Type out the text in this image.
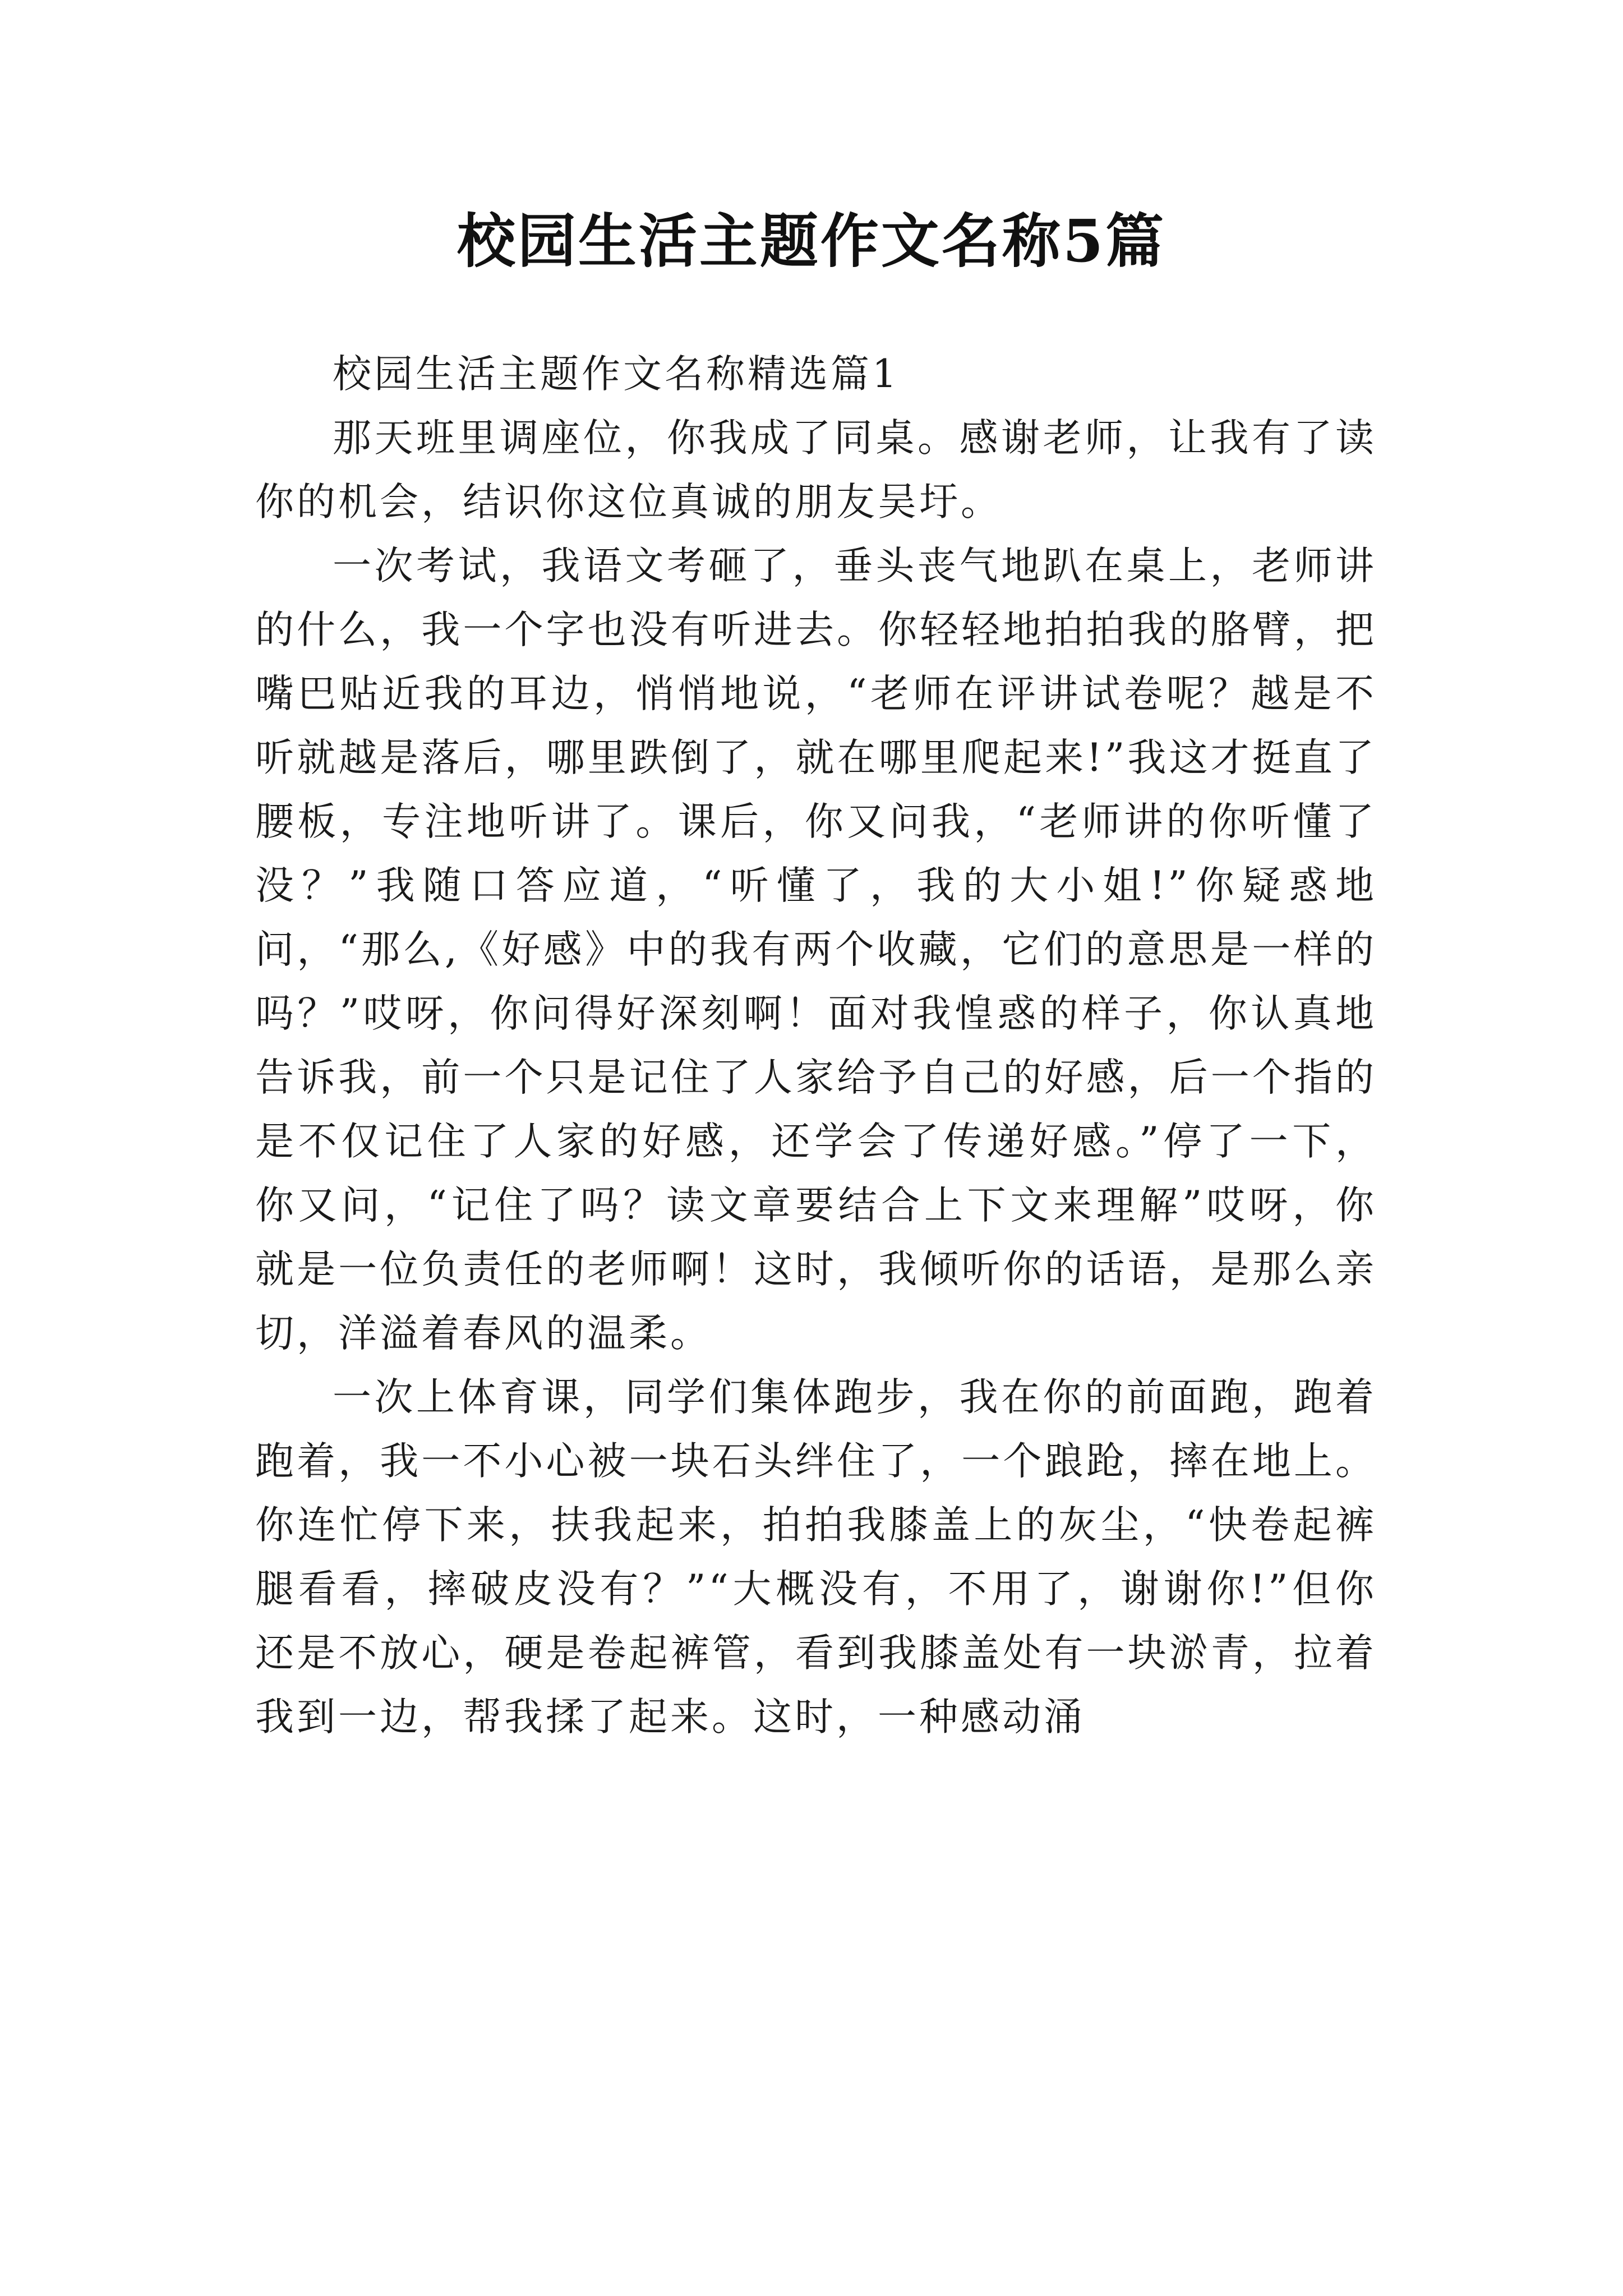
校园生活主题作文名称5篇

校园生活主题作文名称精选篇1

那天班里调座位，你我成了同桌。感谢老师，让我有了读你的机会，结识你这位真诚的朋友吴圩。

一次考试，我语文考砸了，垂头丧气地趴在桌上，老师讲的什么，我一个字也没有听进去。你轻轻地拍拍我的胳臂，把嘴巴贴近我的耳边，悄悄地说，“老师在评讲试卷呢？越是不听就越是落后，哪里跌倒了，就在哪里爬起来!”我这才挺直了腰板，专注地听讲了。课后，你又问我，“老师讲的你听懂了没？”我随口答应道，“听懂了，我的大小姐!”你疑惑地问，“那么,《好感》中的我有两个收藏，它们的意思是一样的吗？”哎呀，你问得好深刻啊！面对我惶惑的样子，你认真地告诉我，前一个只是记住了人家给予自己的好感，后一个指的是不仅记住了人家的好感，还学会了传递好感。”停了一下，你又问，“记住了吗？读文章要结合上下文来理解”哎呀，你就是一位负责任的老师啊！这时，我倾听你的话语，是那么亲切，洋溢着春风的温柔。

一次上体育课，同学们集体跑步，我在你的前面跑，跑着跑着，我一不小心被一块石头绊住了，一个踉跄，摔在地上。你连忙停下来，扶我起来，拍拍我膝盖上的灰尘，“快卷起裤腿看看，摔破皮没有？”“大概没有，不用了，谢谢你!”但你还是不放心，硬是卷起裤管，看到我膝盖处有一块淤青，拉着我到一边，帮我揉了起来。这时，一种感动涌
